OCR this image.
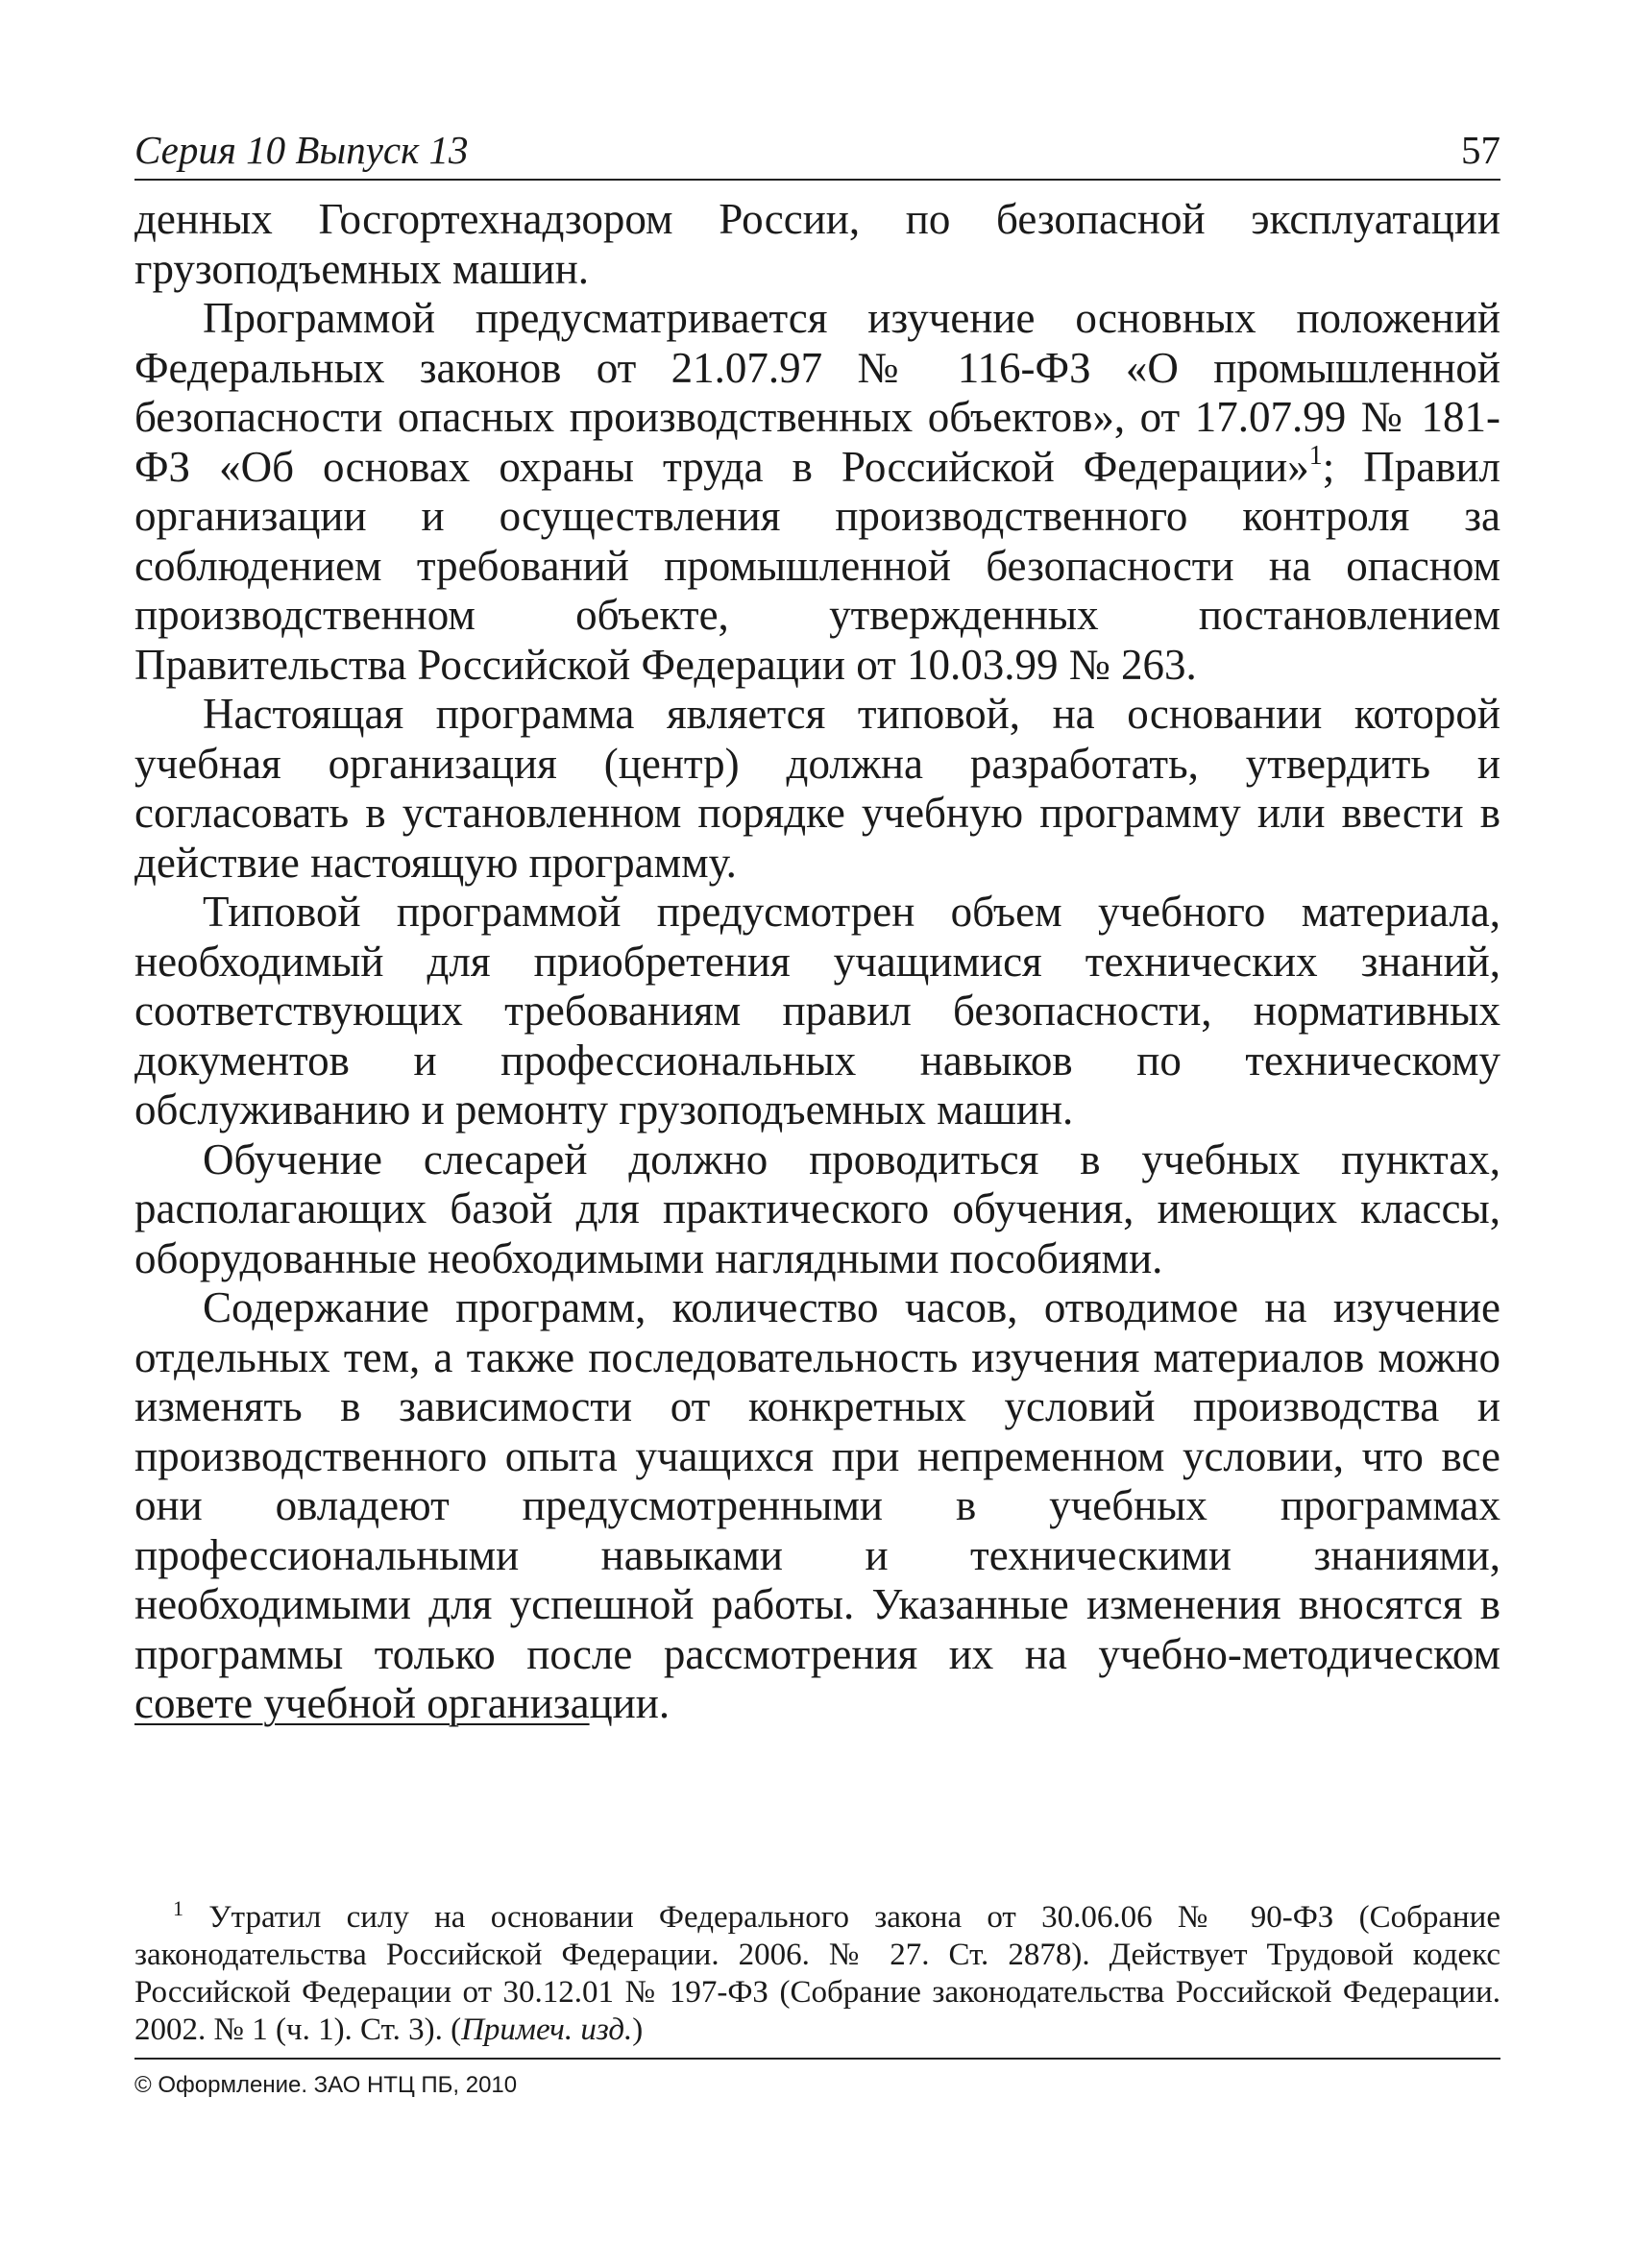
Серия 10 Выпуск 13	57

денных Госгортехнадзором России, по безопасной эксплуатации грузоподъемных машин.

Программой предусматривается изучение основных положений Федеральных законов от 21.07.97 № 116-ФЗ «О промышленной безопасности опасных производственных объектов», от 17.07.99 № 181-ФЗ «Об основах охраны труда в Российской Федерации»$^1$; Правил организации и осуществления производственного контроля за соблюдением требований промышленной безопасности на опасном производственном объекте, утвержденных постановлением Правительства Российской Федерации от 10.03.99 № 263.

Настоящая программа является типовой, на основании которой учебная организация (центр) должна разработать, утвердить и согласовать в установленном порядке учебную программу или ввести в действие настоящую программу.

Типовой программой предусмотрен объем учебного материала, необходимый для приобретения учащимися технических знаний, соответствующих требованиям правил безопасности, нормативных документов и профессиональных навыков по техническому обслуживанию и ремонту грузоподъемных машин.

Обучение слесарей должно проводиться в учебных пунктах, располагающих базой для практического обучения, имеющих классы, оборудованные необходимыми наглядными пособиями.

Содержание программ, количество часов, отводимое на изучение отдельных тем, а также последовательность изучения материалов можно изменять в зависимости от конкретных условий производства и производственного опыта учащихся при непременном условии, что все они овладеют предусмотренными в учебных программах профессиональными навыками и техническими знаниями, необходимыми для успешной работы. Указанные изменения вносятся в программы только после рассмотрения их на учебно-методическом совете учебной организации.

$^1$ Утратил силу на основании Федерального закона от 30.06.06 № 90-ФЗ (Собрание законодательства Российской Федерации. 2006. № 27. Ст. 2878). Действует Трудовой кодекс Российской Федерации от 30.12.01 № 197-ФЗ (Собрание законодательства Российской Федерации. 2002. № 1 (ч. 1). Ст. 3). (Примеч. изд.)

© Оформление. ЗАО НТЦ ПБ, 2010
